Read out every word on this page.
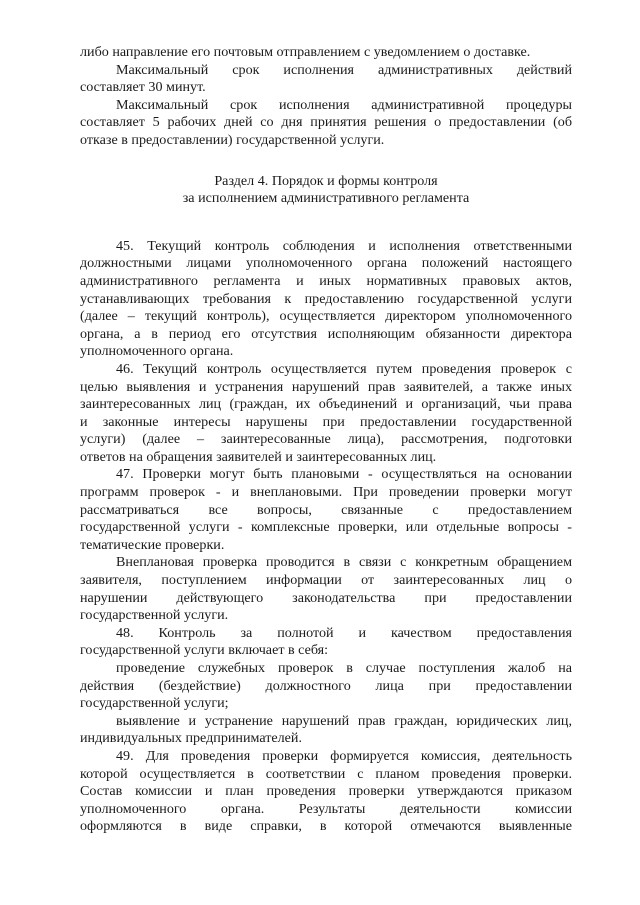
либо направление его почтовым отправлением с уведомлением о доставке.
Максимальный срок исполнения административных действий
составляет 30 минут.
Максимальный срок исполнения административной процедуры
составляет 5 рабочих дней со дня принятия решения о предоставлении (об
отказе в предоставлении) государственной услуги.
Раздел 4. Порядок и формы контроля
за исполнением административного регламента
45. Текущий контроль соблюдения и исполнения ответственными
должностными лицами уполномоченного органа положений настоящего
административного регламента и иных нормативных правовых актов,
устанавливающих требования к предоставлению государственной услуги
(далее – текущий контроль), осуществляется директором уполномоченного
органа, а в период его отсутствия исполняющим обязанности директора
уполномоченного органа.
46. Текущий контроль осуществляется путем проведения проверок с
целью выявления и устранения нарушений прав заявителей, а также иных
заинтересованных лиц (граждан, их объединений и организаций, чьи права
и законные интересы нарушены при предоставлении государственной
услуги) (далее – заинтересованные лица), рассмотрения, подготовки
ответов на обращения заявителей и заинтересованных лиц.
47. Проверки могут быть плановыми - осуществляться на основании
программ проверок - и внеплановыми. При проведении проверки могут
рассматриваться все вопросы, связанные с предоставлением
государственной услуги - комплексные проверки, или отдельные вопросы -
тематические проверки.
Внеплановая проверка проводится в связи с конкретным обращением
заявителя, поступлением информации от заинтересованных лиц о
нарушении действующего законодательства при предоставлении
государственной услуги.
48. Контроль за полнотой и качеством предоставления
государственной услуги включает в себя:
проведение служебных проверок в случае поступления жалоб на
действия (бездействие) должностного лица при предоставлении
государственной услуги;
выявление и устранение нарушений прав граждан, юридических лиц,
индивидуальных предпринимателей.
49. Для проведения проверки формируется комиссия, деятельность
которой осуществляется в соответствии с планом проведения проверки.
Состав комиссии и план проведения проверки утверждаются приказом
уполномоченного органа. Результаты деятельности комиссии
оформляются в виде справки, в которой отмечаются выявленные
